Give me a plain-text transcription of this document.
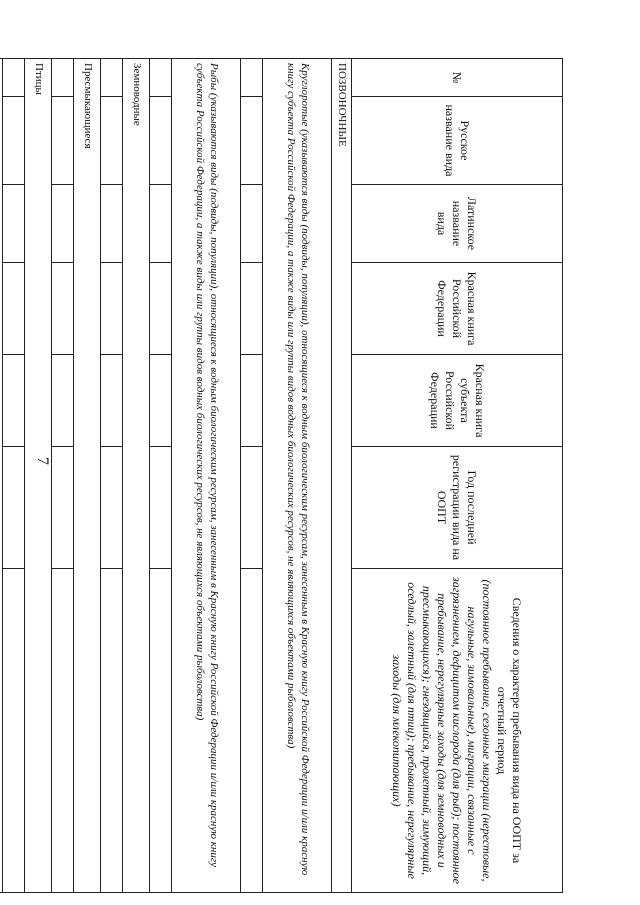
7
№	Русское название вида	Латинское название вида	Красная книга Российской Федерации	Красная книга субъекта Российской Федерации	Год последней регистрации вида на ООПТ	Сведения о характере пребывания вида на ООПТ за отчетный период
(постоянное пребывание, сезонные миграции (нерестовые, нагульные, зимовальные), миграции, связанные с загрязнением, дефицитом кислорода (для рыб); постоянное пребывание, нерегулярные заходы (для земноводных и пресмыкающихся); гнездящийся, пролетный, зимующий, оседлый, залетный (для птиц); пребывание, нерегулярные заходы (для млекопитающих)
ПОЗВОНОЧНЫЕ						
Круглоротые (указываются виды (подвиды, популяции), относящиеся к водным биологическим ресурсам, занесенным в Красную книгу Российской Федерации и/или красную книгу субъекта Российской Федерации, а также виды или группы видов водных биологических ресурсов, не являющихся объектами рыболовства)						

Рыбы (указываются виды (подвиды, популяции), относящиеся к водным биологическим ресурсам, занесенным в Красную книгу Российской Федерации и/или красную книгу субъекта Российской Федерации, а также виды или группы видов водных биологических ресурсов, не являющихся объектами рыболовства)						

Земноводные						

Пресмыкающиеся						

Птицы						
